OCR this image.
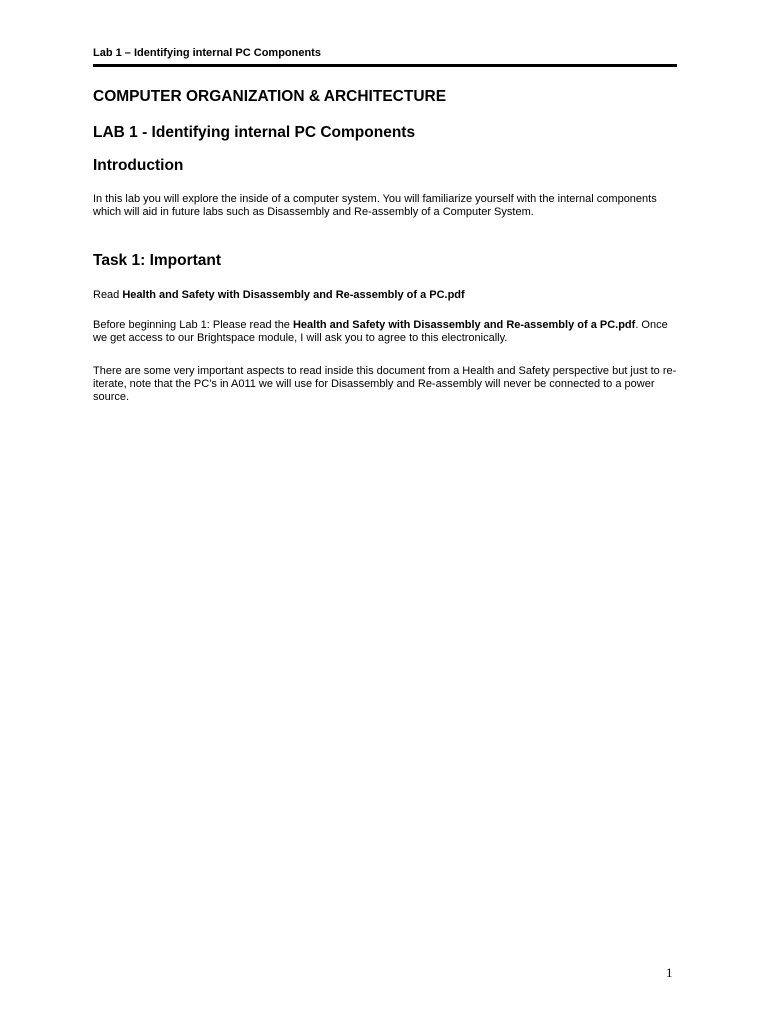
Lab 1 – Identifying internal PC Components
COMPUTER ORGANIZATION & ARCHITECTURE
LAB 1 - Identifying internal PC Components
Introduction

In this lab you will explore the inside of a computer system. You will familiarize yourself with the internal components which will aid in future labs such as Disassembly and Re-assembly of a Computer System.

Task 1: Important

Read Health and Safety with Disassembly and Re-assembly of a PC.pdf

Before beginning Lab 1: Please read the Health and Safety with Disassembly and Re-assembly of a PC.pdf. Once we get access to our Brightspace module, I will ask you to agree to this electronically.

There are some very important aspects to read inside this document from a Health and Safety perspective but just to re-iterate, note that the PC’s in A011 we will use for Disassembly and Re-assembly will never be connected to a power source.

1
